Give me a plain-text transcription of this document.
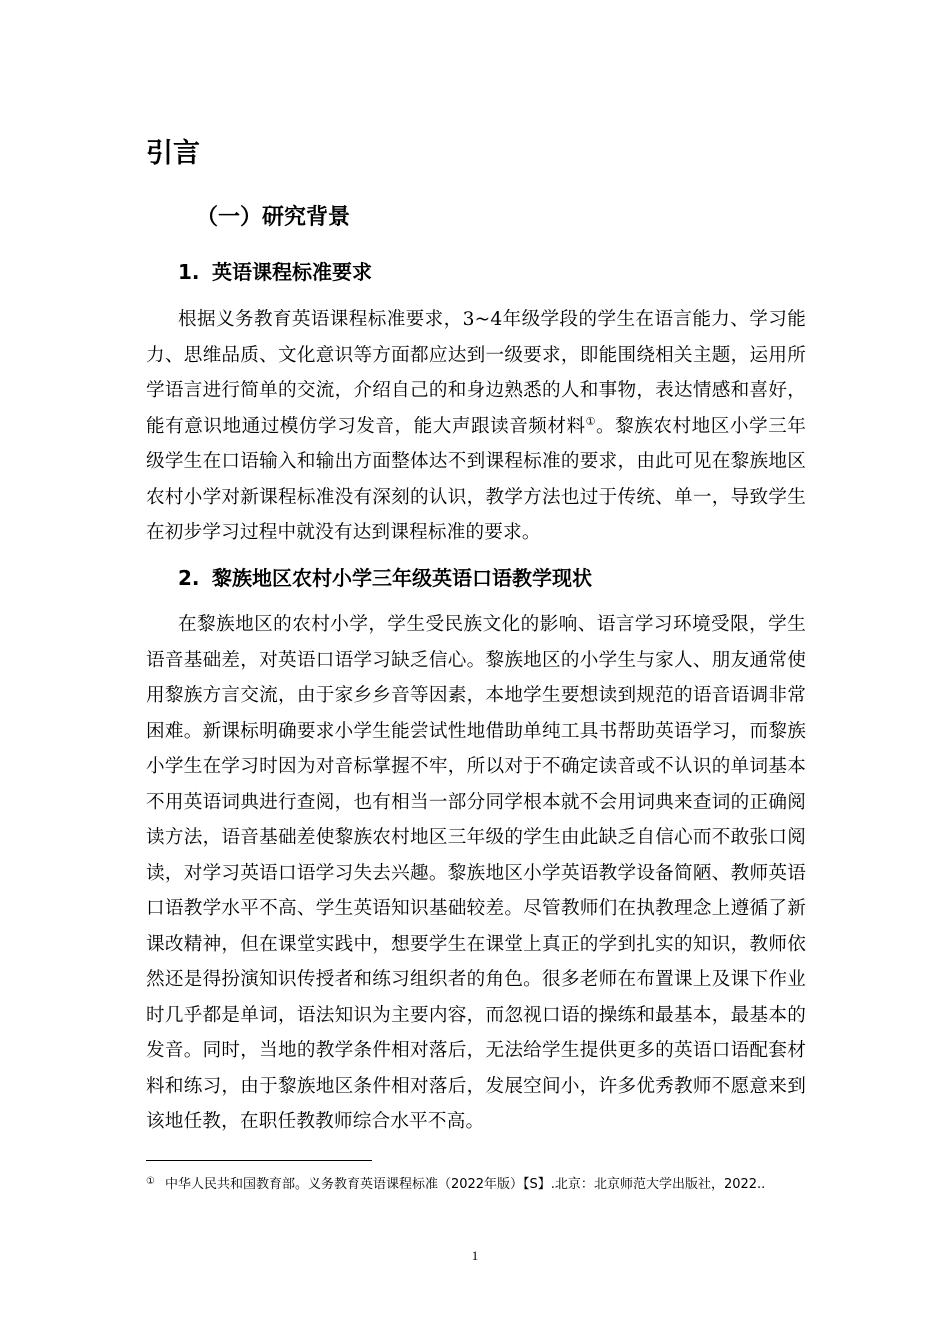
引言
（一）研究背景
1. 英语课程标准要求

根据义务教育英语课程标准要求，3~4年级学段的学生在语言能力、学习能力、思维品质、文化意识等方面都应达到一级要求，即能围绕相关主题，运用所学语言进行简单的交流，介绍自己的和身边熟悉的人和事物，表达情感和喜好，能有意识地通过模仿学习发音，能大声跟读音频材料①。黎族农村地区小学三年级学生在口语输入和输出方面整体达不到课程标准的要求，由此可见在黎族地区农村小学对新课程标准没有深刻的认识，教学方法也过于传统、单一，导致学生在初步学习过程中就没有达到课程标准的要求。

2. 黎族地区农村小学三年级英语口语教学现状

在黎族地区的农村小学，学生受民族文化的影响、语言学习环境受限，学生语音基础差，对英语口语学习缺乏信心。黎族地区的小学生与家人、朋友通常使用黎族方言交流，由于家乡乡音等因素，本地学生要想读到规范的语音语调非常困难。新课标明确要求小学生能尝试性地借助单纯工具书帮助英语学习，而黎族小学生在学习时因为对音标掌握不牢，所以对于不确定读音或不认识的单词基本不用英语词典进行查阅，也有相当一部分同学根本就不会用词典来查词的正确阅读方法，语音基础差使黎族农村地区三年级的学生由此缺乏自信心而不敢张口阅读，对学习英语口语学习失去兴趣。黎族地区小学英语教学设备简陋、教师英语口语教学水平不高、学生英语知识基础较差。尽管教师们在执教理念上遵循了新课改精神，但在课堂实践中，想要学生在课堂上真正的学到扎实的知识，教师依然还是得扮演知识传授者和练习组织者的角色。很多老师在布置课上及课下作业时几乎都是单词，语法知识为主要内容，而忽视口语的操练和最基本，最基本的发音。同时，当地的教学条件相对落后，无法给学生提供更多的英语口语配套材料和练习，由于黎族地区条件相对落后，发展空间小，许多优秀教师不愿意来到该地任教，在职任教教师综合水平不高。

① 中华人民共和国教育部。义务教育英语课程标准（2022年版）【S】.北京：北京师范大学出版社，2022..

1
